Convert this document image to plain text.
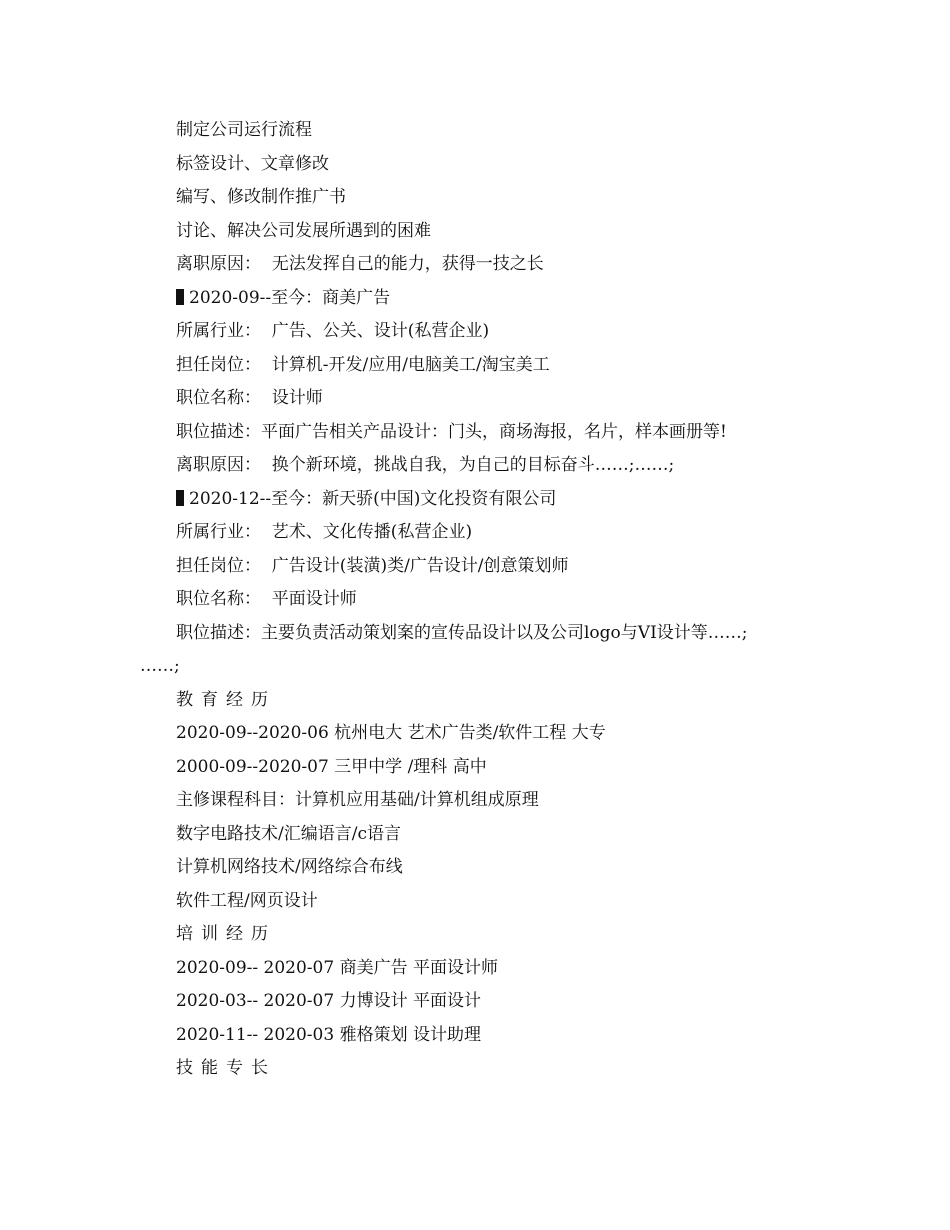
制定公司运行流程
标签设计、文章修改
编写、修改制作推广书
讨论、解决公司发展所遇到的困难
离职原因：  无法发挥自己的能力，获得一技之长
2020-09--至今：商美广告
所属行业：  广告、公关、设计(私营企业)
担任岗位：  计算机-开发/应用/电脑美工/淘宝美工
职位名称：  设计师
职位描述：平面广告相关产品设计：门头，商场海报，名片，样本画册等!
离职原因：  换个新环境，挑战自我，为自己的目标奋斗……;……;
2020-12--至今：新天骄(中国)文化投资有限公司
所属行业：  艺术、文化传播(私营企业)
担任岗位：  广告设计(装潢)类/广告设计/创意策划师
职位名称：  平面设计师
职位描述：主要负责活动策划案的宣传品设计以及公司logo与VI设计等……;
……;
教育经历
2020-09--2020-06 杭州电大 艺术广告类/软件工程 大专
2000-09--2020-07 三甲中学 /理科 高中
主修课程科目：计算机应用基础/计算机组成原理
数字电路技术/汇编语言/c语言
计算机网络技术/网络综合布线
软件工程/网页设计
培训经历
2020-09-- 2020-07 商美广告 平面设计师
2020-03-- 2020-07 力博设计 平面设计
2020-11-- 2020-03 雅格策划 设计助理
技能专长
